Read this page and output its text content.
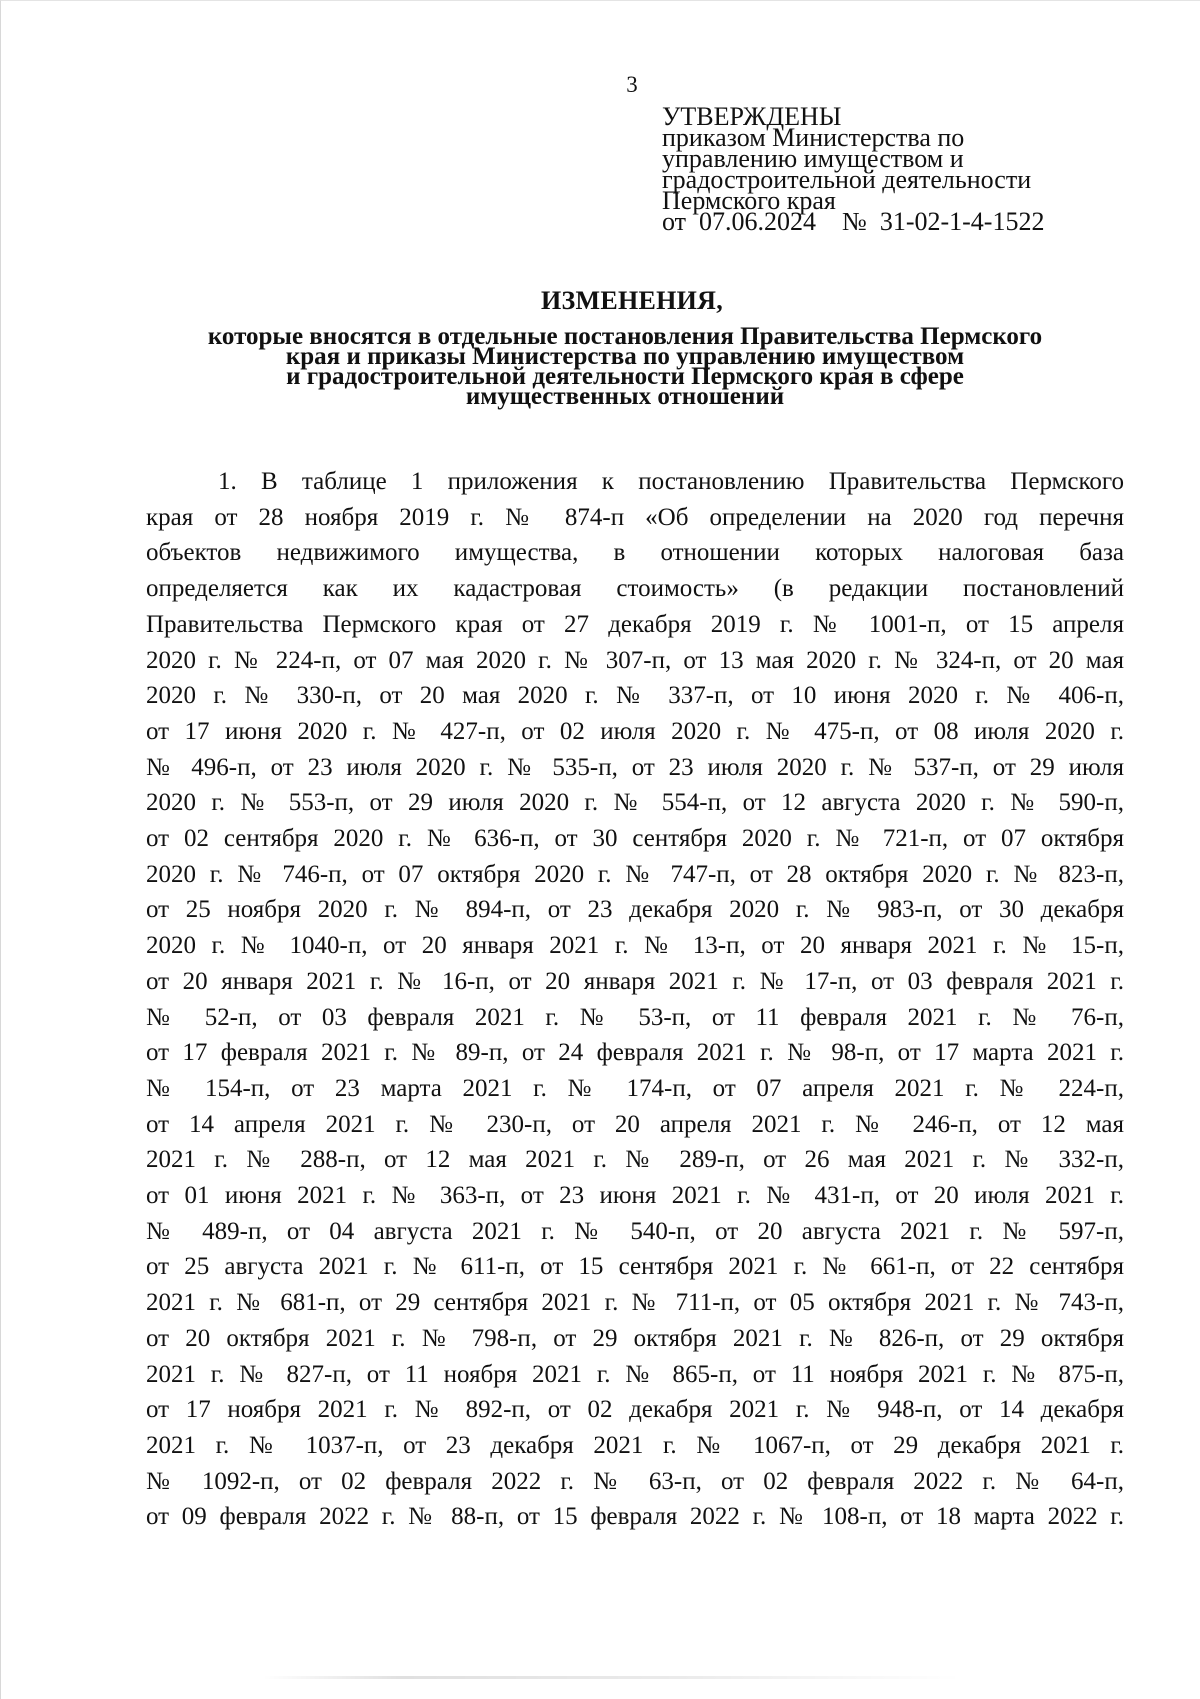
3
УТВЕРЖДЕНЫ
приказом Министерства по
управлению имуществом и
градостроительной деятельности
Пермского края
от  07.06.2024    №  31-02-1-4-1522
ИЗМЕНЕНИЯ,
которые вносятся в отдельные постановления Правительства Пермского
края и приказы Министерства по управлению имуществом
и градостроительной деятельности Пермского края в сфере
имущественных отношений
1. В таблице 1 приложения к постановлению Правительства Пермского
края от 28 ноября 2019 г. № 874-п «Об определении на 2020 год перечня
объектов недвижимого имущества, в отношении которых налоговая база
определяется как их кадастровая стоимость» (в редакции постановлений
Правительства Пермского края от 27 декабря 2019 г. № 1001-п, от 15 апреля
2020 г. № 224-п, от 07 мая 2020 г. № 307-п, от 13 мая 2020 г. № 324-п, от 20 мая
2020 г. № 330-п, от 20 мая 2020 г. № 337-п, от 10 июня 2020 г. № 406-п,
от 17 июня 2020 г. № 427-п, от 02 июля 2020 г. № 475-п, от 08 июля 2020 г.
№ 496-п, от 23 июля 2020 г. № 535-п, от 23 июля 2020 г. № 537-п, от 29 июля
2020 г. № 553-п, от 29 июля 2020 г. № 554-п, от 12 августа 2020 г. № 590-п,
от 02 сентября 2020 г. № 636-п, от 30 сентября 2020 г. № 721-п, от 07 октября
2020 г. № 746-п, от 07 октября 2020 г. № 747-п, от 28 октября 2020 г. № 823-п,
от 25 ноября 2020 г. № 894-п, от 23 декабря 2020 г. № 983-п, от 30 декабря
2020 г. № 1040-п, от 20 января 2021 г. № 13-п, от 20 января 2021 г. № 15-п,
от 20 января 2021 г. № 16-п, от 20 января 2021 г. № 17-п, от 03 февраля 2021 г.
№ 52-п, от 03 февраля 2021 г. № 53-п, от 11 февраля 2021 г. № 76-п,
от 17 февраля 2021 г. № 89-п, от 24 февраля 2021 г. № 98-п, от 17 марта 2021 г.
№ 154-п, от 23 марта 2021 г. № 174-п, от 07 апреля 2021 г. № 224-п,
от 14 апреля 2021 г. № 230-п, от 20 апреля 2021 г. № 246-п, от 12 мая
2021 г. № 288-п, от 12 мая 2021 г. № 289-п, от 26 мая 2021 г. № 332-п,
от 01 июня 2021 г. № 363-п, от 23 июня 2021 г. № 431-п, от 20 июля 2021 г.
№ 489-п, от 04 августа 2021 г. № 540-п, от 20 августа 2021 г. № 597-п,
от 25 августа 2021 г. № 611-п, от 15 сентября 2021 г. № 661-п, от 22 сентября
2021 г. № 681-п, от 29 сентября 2021 г. № 711-п, от 05 октября 2021 г. № 743-п,
от 20 октября 2021 г. № 798-п, от 29 октября 2021 г. № 826-п, от 29 октября
2021 г. № 827-п, от 11 ноября 2021 г. № 865-п, от 11 ноября 2021 г. № 875-п,
от 17 ноября 2021 г. № 892-п, от 02 декабря 2021 г. № 948-п, от 14 декабря
2021 г. № 1037-п, от 23 декабря 2021 г. № 1067-п, от 29 декабря 2021 г.
№ 1092-п, от 02 февраля 2022 г. № 63-п, от 02 февраля 2022 г. № 64-п,
от 09 февраля 2022 г. № 88-п, от 15 февраля 2022 г. № 108-п, от 18 марта 2022 г.
